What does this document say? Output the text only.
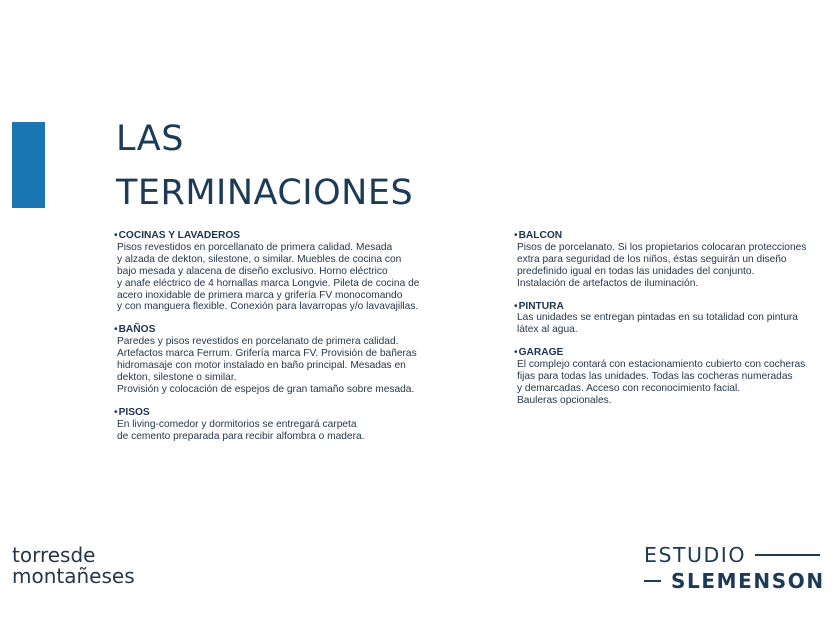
LAS
TERMINACIONES
• COCINAS Y LAVADEROS
Pisos revestidos en porcellanato de primera calidad. Mesada
y alzada de dekton, silestone, o similar. Muebles de cocina con
bajo mesada y alacena de diseño exclusivo. Horno eléctrico
y anafe eléctrico de 4 hornallas marca Longvie. Pileta de cocina de
acero inoxidable de primera marca y grifería FV monocomando
y con manguera flexible. Conexión para lavarropas y/o lavavajillas.
• BAÑOS
Paredes y pisos revestidos en porcelanato de primera calidad.
Artefactos marca Ferrum. Grifería marca FV. Provisión de bañeras
hidromasaje con motor instalado en baño principal. Mesadas en
dekton, silestone o similar.
Provisión y colocación de espejos de gran tamaño sobre mesada.
• PISOS
En living-comedor y dormitorios se entregará carpeta
de cemento preparada para recibir alfombra o madera.
• BALCON
Pisos de porcelanato. Si los propietarios colocaran protecciones
extra para seguridad de los niños, éstas seguirán un diseño
predefinido igual en todas las unidades del conjunto.
Instalación de artefactos de iluminación.
• PINTURA
Las unidades se entregan pintadas en su totalidad con pintura
látex al agua.
• GARAGE
El complejo contará con estacionamiento cubierto con cocheras
fijas para todas las unidades. Todas las cocheras numeradas
y demarcadas. Acceso con reconocimiento facial.
Bauleras opcionales.
torresde
montañeses
ESTUDIO
SLEMENSON
